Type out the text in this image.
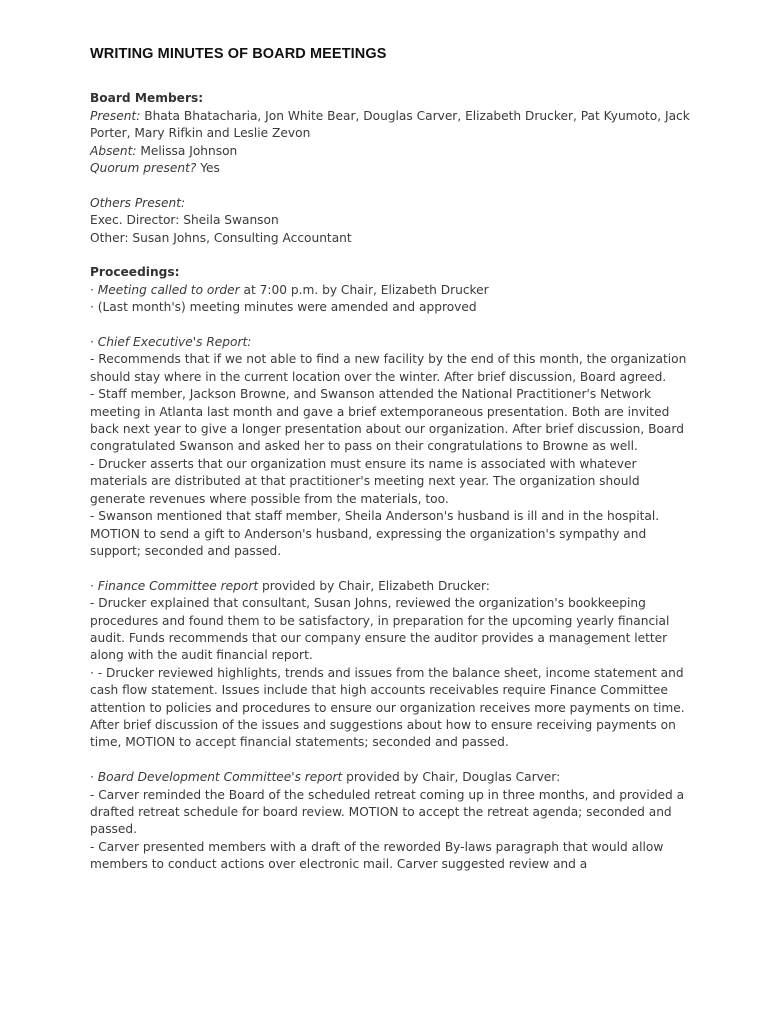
WRITING MINUTES OF BOARD MEETINGS
Board Members:
Present: Bhata Bhatacharia, Jon White Bear, Douglas Carver, Elizabeth Drucker, Pat Kyumoto, Jack Porter, Mary Rifkin and Leslie Zevon
Absent: Melissa Johnson
Quorum present? Yes
Others Present:
Exec. Director: Sheila Swanson
Other: Susan Johns, Consulting Accountant
Proceedings:
· Meeting called to order at 7:00 p.m. by Chair, Elizabeth Drucker
· (Last month's) meeting minutes were amended and approved
· Chief Executive's Report:
- Recommends that if we not able to find a new facility by the end of this month, the organization should stay where in the current location over the winter. After brief discussion, Board agreed.
- Staff member, Jackson Browne, and Swanson attended the National Practitioner's Network meeting in Atlanta last month and gave a brief extemporaneous presentation. Both are invited back next year to give a longer presentation about our organization. After brief discussion, Board congratulated Swanson and asked her to pass on their congratulations to Browne as well.
- Drucker asserts that our organization must ensure its name is associated with whatever materials are distributed at that practitioner's meeting next year. The organization should generate revenues where possible from the materials, too.
- Swanson mentioned that staff member, Sheila Anderson's husband is ill and in the hospital. MOTION to send a gift to Anderson's husband, expressing the organization's sympathy and support; seconded and passed.
· Finance Committee report provided by Chair, Elizabeth Drucker:
- Drucker explained that consultant, Susan Johns, reviewed the organization's bookkeeping procedures and found them to be satisfactory, in preparation for the upcoming yearly financial audit. Funds recommends that our company ensure the auditor provides a management letter along with the audit financial report.
· - Drucker reviewed highlights, trends and issues from the balance sheet, income statement and cash flow statement. Issues include that high accounts receivables require Finance Committee attention to policies and procedures to ensure our organization receives more payments on time. After brief discussion of the issues and suggestions about how to ensure receiving payments on time, MOTION to accept financial statements; seconded and passed.
· Board Development Committee's report provided by Chair, Douglas Carver:
- Carver reminded the Board of the scheduled retreat coming up in three months, and provided a drafted retreat schedule for board review. MOTION to accept the retreat agenda; seconded and passed.
- Carver presented members with a draft of the reworded By-laws paragraph that would allow members to conduct actions over electronic mail. Carver suggested review and a
